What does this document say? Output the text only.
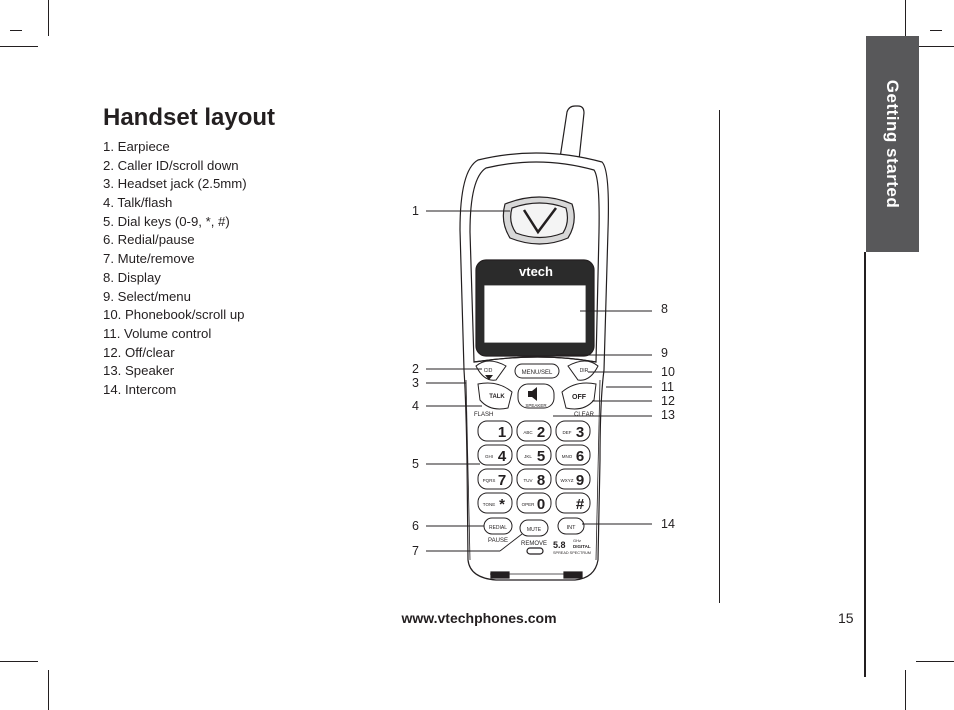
Getting started
Handset layout
1. Earpiece
2. Caller ID/scroll down
3. Headset jack (2.5mm)
4. Talk/flash
5. Dial keys (0-9, *, #)
6. Redial/pause
7. Mute/remove
8. Display
9. Select/menu
10. Phonebook/scroll up
11. Volume control
12. Off/clear
13. Speaker
14. Intercom
vtech
MENU/SEL
CID	DIR
TALK
SPEAKER
OFF
FLASH	CLEAR
1 2
ABC	3
DEF
4
GHI	5
JKL	6
MNO
7
PQRS	8
TUV	9
WXYZ
*
TONE	0
OPER	#
REDIAL
PAUSE
MUTE
REMOVE
INT
5.8 GHz
DIGITAL
SPREAD SPECTRUM
1
2
3
4
5
6
7
8
9
10
11
12
13
14
www.vtechphones.com	15
